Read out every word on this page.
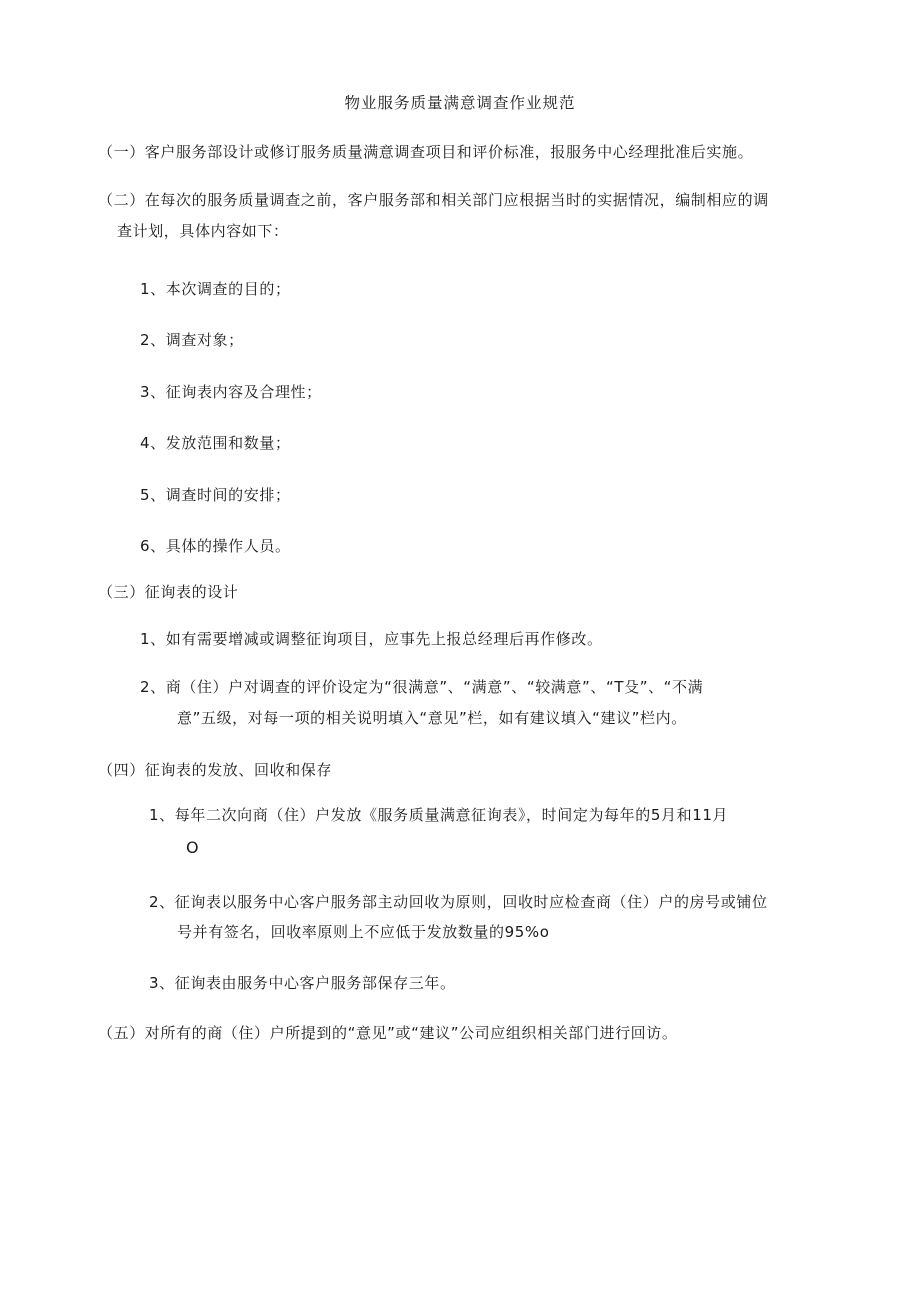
物业服务质量满意调查作业规范
（一）客户服务部设计或修订服务质量满意调查项目和评价标准，报服务中心经理批准后实施。
（二）在每次的服务质量调查之前，客户服务部和相关部门应根据当时的实据情况，编制相应的调
查计划，具体内容如下：
1、本次调查的目的；
2、调查对象；
3、征询表内容及合理性；
4、发放范围和数量；
5、调查时间的安排；
6、具体的操作人员。
（三）征询表的设计
1、如有需要增减或调整征询项目，应事先上报总经理后再作修改。
2、商（住）户对调查的评价设定为“很满意”、“满意”、“较满意”、“T殳”、“不满
意”五级，对每一项的相关说明填入“意见”栏，如有建议填入“建议”栏内。
（四）征询表的发放、回收和保存
1、每年二次向商（住）户发放《服务质量满意征询表》，时间定为每年的5月和11月
O
2、征询表以服务中心客户服务部主动回收为原则，回收时应检查商（住）户的房号或铺位
号并有签名，回收率原则上不应低于发放数量的95%o
3、征询表由服务中心客户服务部保存三年。
（五）对所有的商（住）户所提到的“意见”或“建议”公司应组织相关部门进行回访。
